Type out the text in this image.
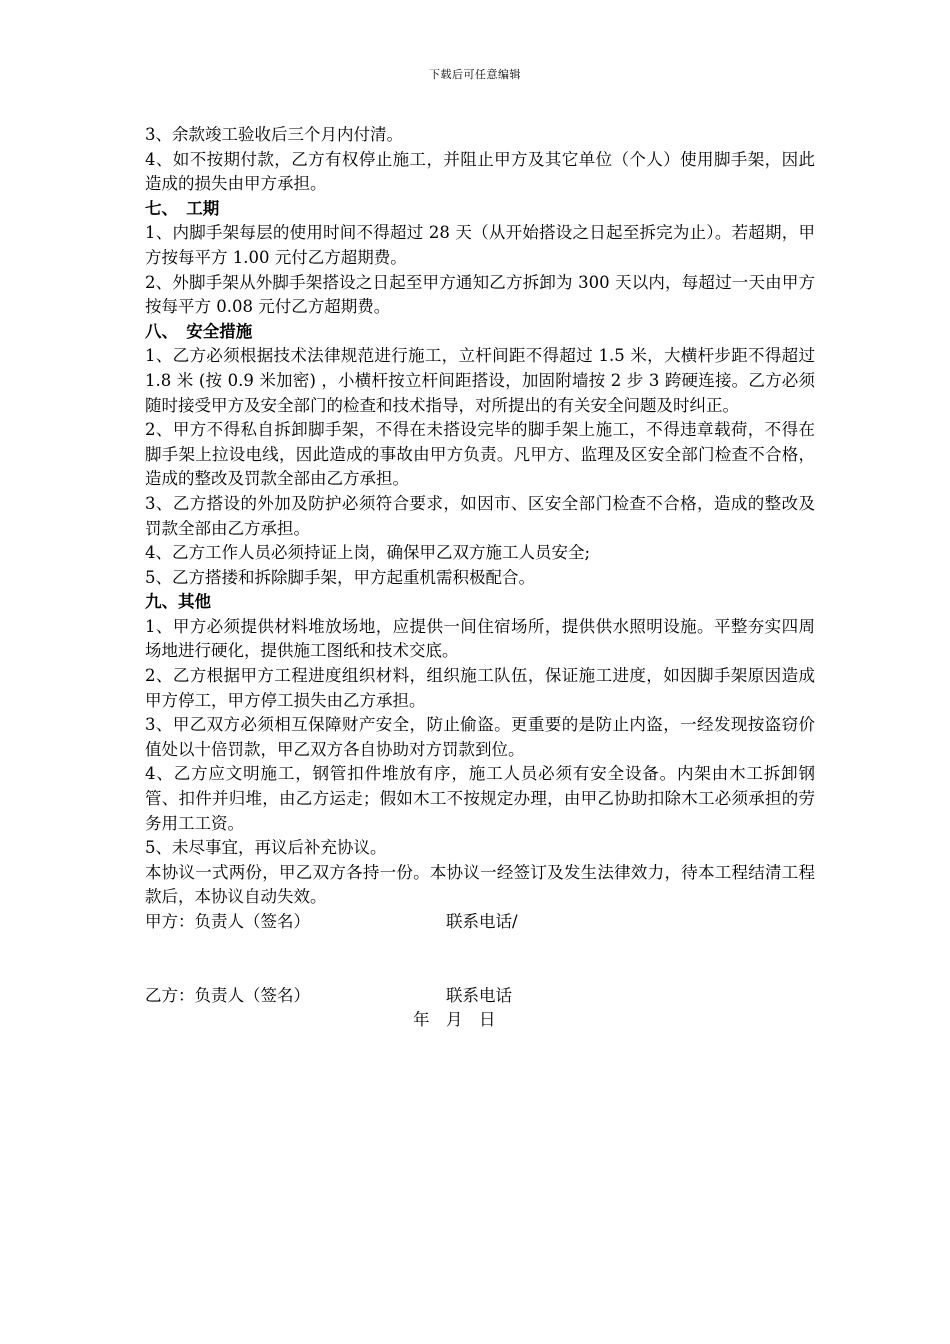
下载后可任意编辑

3、余款竣工验收后三个月内付清。

4、如不按期付款，乙方有权停止施工，并阻止甲方及其它单位（个人）使用脚手架，因此造成的损失由甲方承担。

七、　工期

1、内脚手架每层的使用时间不得超过 28 天（从开始搭设之日起至拆完为止）。若超期，甲方按每平方 1.00 元付乙方超期费。

2、外脚手架从外脚手架搭设之日起至甲方通知乙方拆卸为 300 天以内，每超过一天由甲方按每平方 0.08 元付乙方超期费。

八、　安全措施

1、乙方必须根据技术法律规范进行施工，立杆间距不得超过 1.5 米，大横杆步距不得超过 1.8 米 (按 0.9 米加密) ，小横杆按立杆间距搭设，加固附墙按 2 步 3 跨硬连接。乙方必须随时接受甲方及安全部门的检查和技术指导，对所提出的有关安全问题及时纠正。

2、甲方不得私自拆卸脚手架，不得在未搭设完毕的脚手架上施工，不得违章载荷，不得在脚手架上拉设电线，因此造成的事故由甲方负责。凡甲方、监理及区安全部门检查不合格，造成的整改及罚款全部由乙方承担。

3、乙方搭设的外加及防护必须符合要求，如因市、区安全部门检查不合格，造成的整改及罚款全部由乙方承担。

4、乙方工作人员必须持证上岗，确保甲乙双方施工人员安全;

5、乙方搭搂和拆除脚手架，甲方起重机需积极配合。

九、其他

1、甲方必须提供材料堆放场地，应提供一间住宿场所，提供供水照明设施。平整夯实四周场地进行硬化，提供施工图纸和技术交底。

2、乙方根据甲方工程进度组织材料，组织施工队伍，保证施工进度，如因脚手架原因造成甲方停工，甲方停工损失由乙方承担。

3、甲乙双方必须相互保障财产安全，防止偷盗。更重要的是防止内盗，一经发现按盗窃价值处以十倍罚款，甲乙双方各自协助对方罚款到位。

4、乙方应文明施工，钢管扣件堆放有序，施工人员必须有安全设备。内架由木工拆卸钢管、扣件并归堆，由乙方运走；假如木工不按规定办理，由甲乙协助扣除木工必须承担的劳务用工工资。

5、未尽事宜，再议后补充协议。

本协议一式两份，甲乙双方各持一份。本协议一经签订及发生法律效力，待本工程结清工程款后，本协议自动失效。

甲方：负责人（签名）	联系电话/
乙方：负责人（签名）	联系电话

年　月　日
